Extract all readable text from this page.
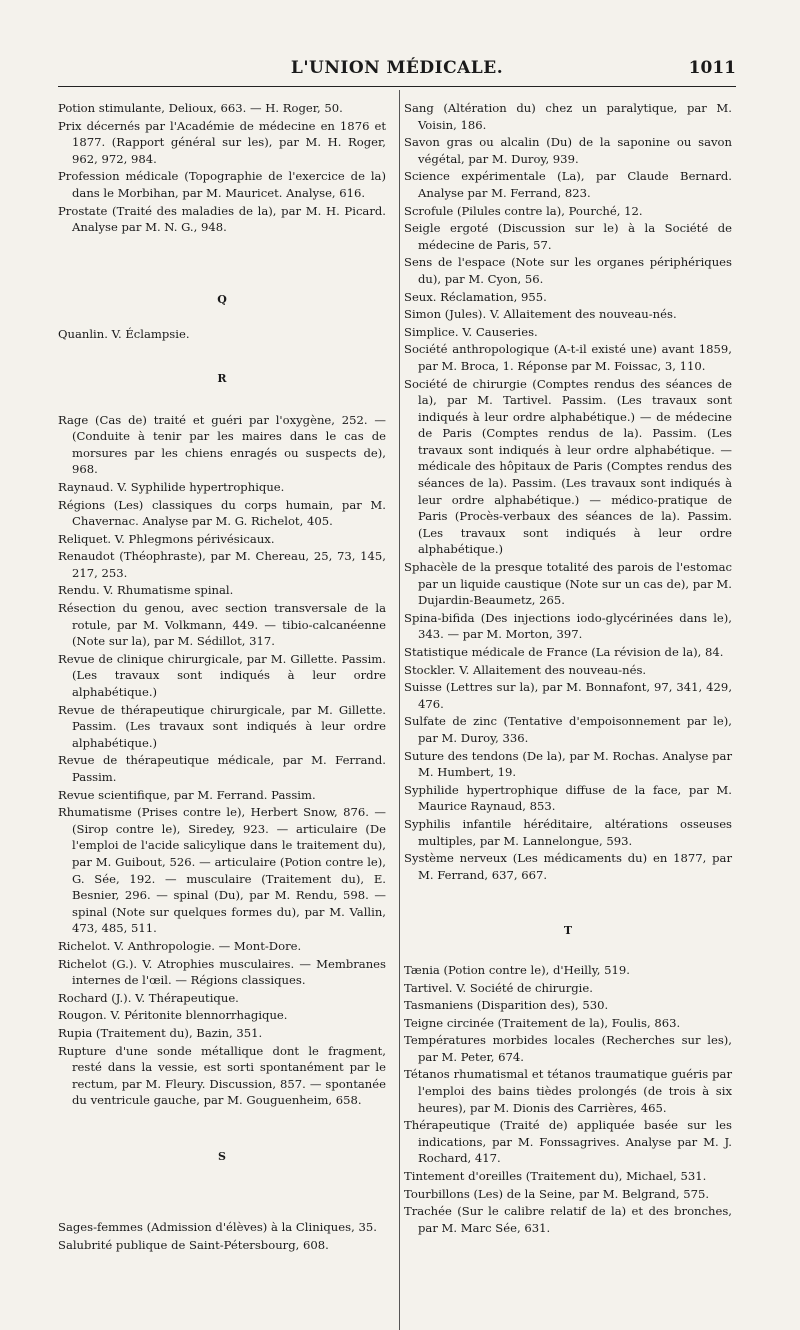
L'UNION MÉDICALE.	1011
Potion stimulante, Delioux, 663. — H. Roger, 50.
Prix décernés par l'Académie de médecine en 1876 et 1877. (Rapport général sur les), par M. H. Roger, 962, 972, 984.
Profession médicale (Topographie de l'exercice de la) dans le Morbihan, par M. Mauricet. Analyse, 616.
Prostate (Traité des maladies de la), par M. H. Picard. Analyse par M. N. G., 948.
Q
Quanlin. V. Éclampsie.
R
Rage (Cas de) traité et guéri par l'oxygène, 252. — (Conduite à tenir par les maires dans le cas de morsures par les chiens enragés ou suspects de), 968.
Raynaud. V. Syphilide hypertrophique.
Régions (Les) classiques du corps humain, par M. Chavernac. Analyse par M. G. Richelot, 405.
Reliquet. V. Phlegmons périvésicaux.
Renaudot (Théophraste), par M. Chereau, 25, 73, 145, 217, 253.
Rendu. V. Rhumatisme spinal.
Résection du genou, avec section transversale de la rotule, par M. Volkmann, 449. — tibio-calcanéenne (Note sur la), par M. Sédillot, 317.
Revue de clinique chirurgicale, par M. Gillette. Passim. (Les travaux sont indiqués à leur ordre alphabétique.)
Revue de thérapeutique chirurgicale, par M. Gillette. Passim. (Les travaux sont indiqués à leur ordre alphabétique.)
Revue de thérapeutique médicale, par M. Ferrand. Passim.
Revue scientifique, par M. Ferrand. Passim.
Rhumatisme (Prises contre le), Herbert Snow, 876. — (Sirop contre le), Siredey, 923. — articulaire (De l'emploi de l'acide salicylique dans le traitement du), par M. Guibout, 526. — articulaire (Potion contre le), G. Sée, 192. — musculaire (Traitement du), E. Besnier, 296. — spinal (Du), par M. Rendu, 598. — spinal (Note sur quelques formes du), par M. Vallin, 473, 485, 511.
Richelot. V. Anthropologie. — Mont-Dore.
Richelot (G.). V. Atrophies musculaires. — Membranes internes de l'œil. — Régions classiques.
Rochard (J.). V. Thérapeutique.
Rougon. V. Péritonite blennorrhagique.
Rupia (Traitement du), Bazin, 351.
Rupture d'une sonde métallique dont le fragment, resté dans la vessie, est sorti spontanément par le rectum, par M. Fleury. Discussion, 857. — spontanée du ventricule gauche, par M. Gouguenheim, 658.
S
Sages-femmes (Admission d'élèves) à la Cliniques, 35.
Salubrité publique de Saint-Pétersbourg, 608.
Sang (Altération du) chez un paralytique, par M. Voisin, 186.
Savon gras ou alcalin (Du) de la saponine ou savon végétal, par M. Duroy, 939.
Science expérimentale (La), par Claude Bernard. Analyse par M. Ferrand, 823.
Scrofule (Pilules contre la), Pourché, 12.
Seigle ergoté (Discussion sur le) à la Société de médecine de Paris, 57.
Sens de l'espace (Note sur les organes périphériques du), par M. Cyon, 56.
Seux. Réclamation, 955.
Simon (Jules). V. Allaitement des nouveau-nés.
Simplice. V. Causeries.
Société anthropologique (A-t-il existé une) avant 1859, par M. Broca, 1. Réponse par M. Foissac, 3, 110.
Société de chirurgie (Comptes rendus des séances de la), par M. Tartivel. Passim. (Les travaux sont indiqués à leur ordre alphabétique.) — de médecine de Paris (Comptes rendus de la). Passim. (Les travaux sont indiqués à leur ordre alphabétique. — médicale des hôpitaux de Paris (Comptes rendus des séances de la). Passim. (Les travaux sont indiqués à leur ordre alphabétique.) — médico-pratique de Paris (Procès-verbaux des séances de la). Passim. (Les travaux sont indiqués à leur ordre alphabétique.)
Sphacèle de la presque totalité des parois de l'estomac par un liquide caustique (Note sur un cas de), par M. Dujardin-Beaumetz, 265.
Spina-bifida (Des injections iodo-glycérinées dans le), 343. — par M. Morton, 397.
Statistique médicale de France (La révision de la), 84.
Stockler. V. Allaitement des nouveau-nés.
Suisse (Lettres sur la), par M. Bonnafont, 97, 341, 429, 476.
Sulfate de zinc (Tentative d'empoisonnement par le), par M. Duroy, 336.
Suture des tendons (De la), par M. Rochas. Analyse par M. Humbert, 19.
Syphilide hypertrophique diffuse de la face, par M. Maurice Raynaud, 853.
Syphilis infantile héréditaire, altérations osseuses multiples, par M. Lannelongue, 593.
Système nerveux (Les médicaments du) en 1877, par M. Ferrand, 637, 667.
T
Tænia (Potion contre le), d'Heilly, 519.
Tartivel. V. Société de chirurgie.
Tasmaniens (Disparition des), 530.
Teigne circinée (Traitement de la), Foulis, 863.
Températures morbides locales (Recherches sur les), par M. Peter, 674.
Tétanos rhumatismal et tétanos traumatique guéris par l'emploi des bains tièdes prolongés (de trois à six heures), par M. Dionis des Carrières, 465.
Thérapeutique (Traité de) appliquée basée sur les indications, par M. Fonssagrives. Analyse par M. J. Rochard, 417.
Tintement d'oreilles (Traitement du), Michael, 531.
Tourbillons (Les) de la Seine, par M. Belgrand, 575.
Trachée (Sur le calibre relatif de la) et des bronches, par M. Marc Sée, 631.
